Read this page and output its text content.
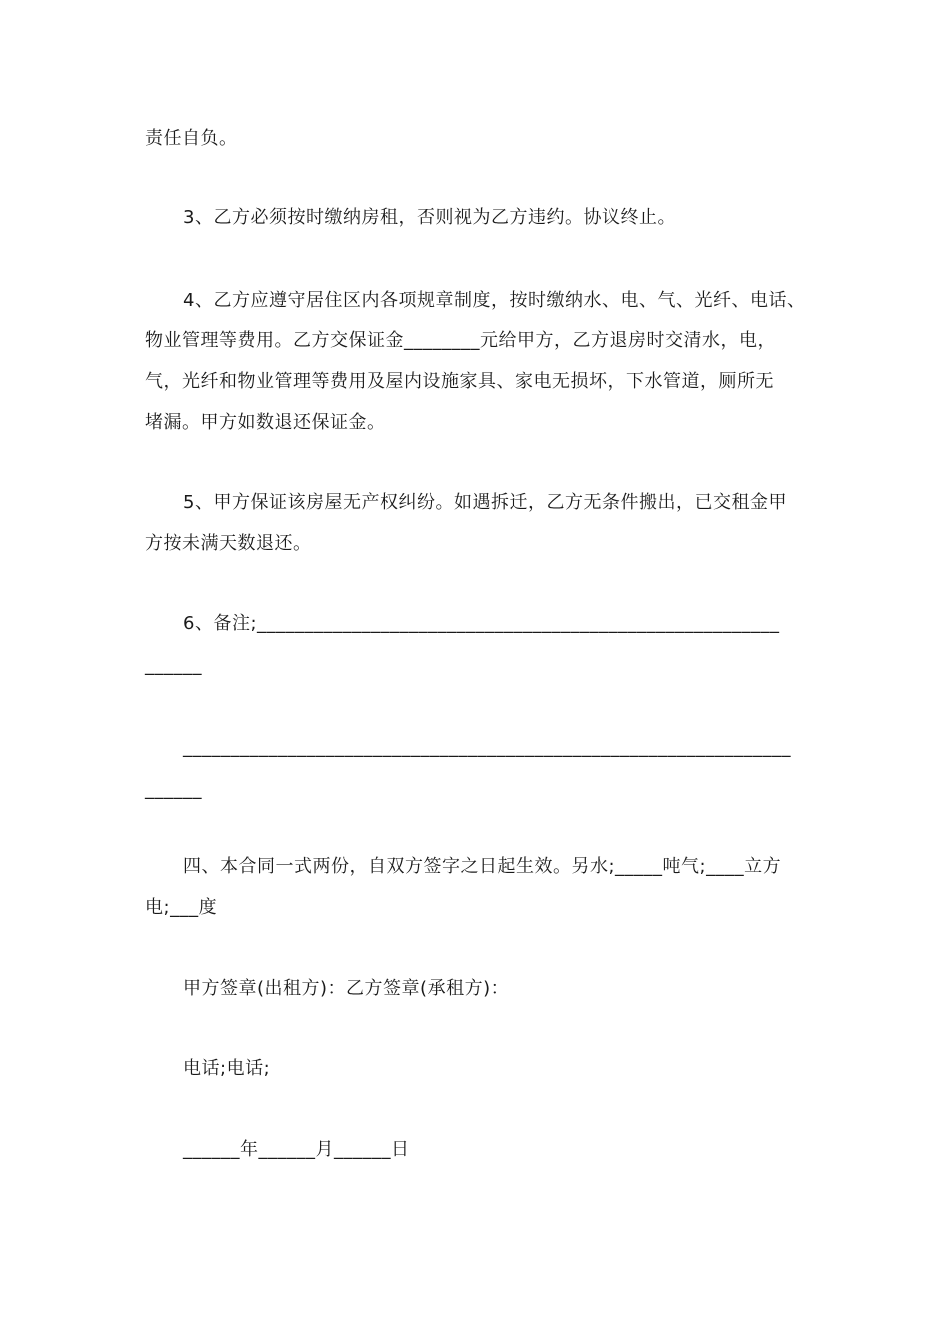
责任自负。
3、乙方必须按时缴纳房租，否则视为乙方违约。协议终止。
4、乙方应遵守居住区内各项规章制度，按时缴纳水、电、气、光纤、电话、
物业管理等费用。乙方交保证金________元给甲方，乙方退房时交清水，电，
气，光纤和物业管理等费用及屋内设施家具、家电无损坏，下水管道，厕所无
堵漏。甲方如数退还保证金。
5、甲方保证该房屋无产权纠纷。如遇拆迁，乙方无条件搬出，已交租金甲
方按未满天数退还。
6、备注;_______________________________________________________
______
________________________________________________________________
______
四、本合同一式两份，自双方签字之日起生效。另水;_____吨气;____立方
电;___度
甲方签章(出租方)：乙方签章(承租方)：
电话;电话;
______年______月______日
